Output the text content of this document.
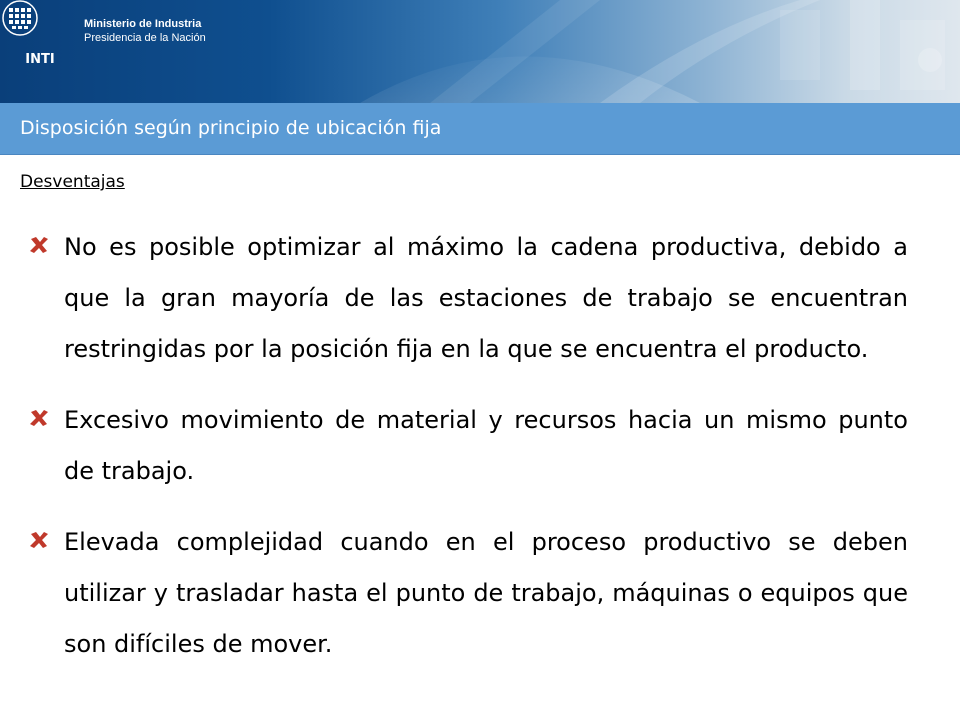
INTI
Ministerio de Industria
Presidencia de la Nación
Disposición según principio de ubicación fija
Desventajas
No es posible optimizar al máximo la cadena productiva, debido a que la gran mayoría de las estaciones de trabajo se encuentran restringidas por la posición fija en la que se encuentra el producto.
Excesivo movimiento de material y recursos hacia un mismo punto de trabajo.
Elevada complejidad cuando en el proceso productivo se deben utilizar y trasladar hasta el punto de trabajo, máquinas o equipos que son difíciles de mover.
